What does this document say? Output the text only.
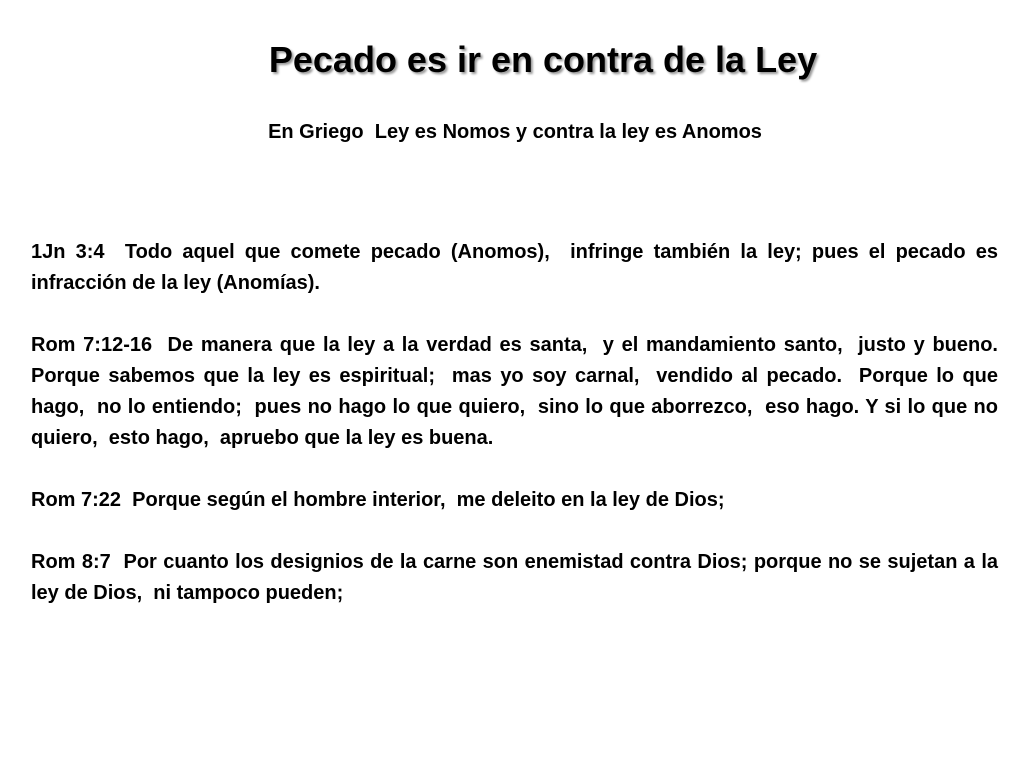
Pecado es ir en contra de la Ley

En Griego  Ley es Nomos y contra la ley es Anomos

1Jn 3:4  Todo aquel que comete pecado (Anomos),  infringe también la ley; pues el pecado es infracción de la ley (Anomías).

Rom 7:12-16  De manera que la ley a la verdad es santa,  y el mandamiento santo,  justo y bueno. Porque sabemos que la ley es espiritual;  mas yo soy carnal,  vendido al pecado.  Porque lo que hago,  no lo entiendo;  pues no hago lo que quiero,  sino lo que aborrezco,  eso hago. Y si lo que no quiero,  esto hago,  apruebo que la ley es buena.

Rom 7:22  Porque según el hombre interior,  me deleito en la ley de Dios;

Rom 8:7  Por cuanto los designios de la carne son enemistad contra Dios; porque no se sujetan a la ley de Dios,  ni tampoco pueden;
